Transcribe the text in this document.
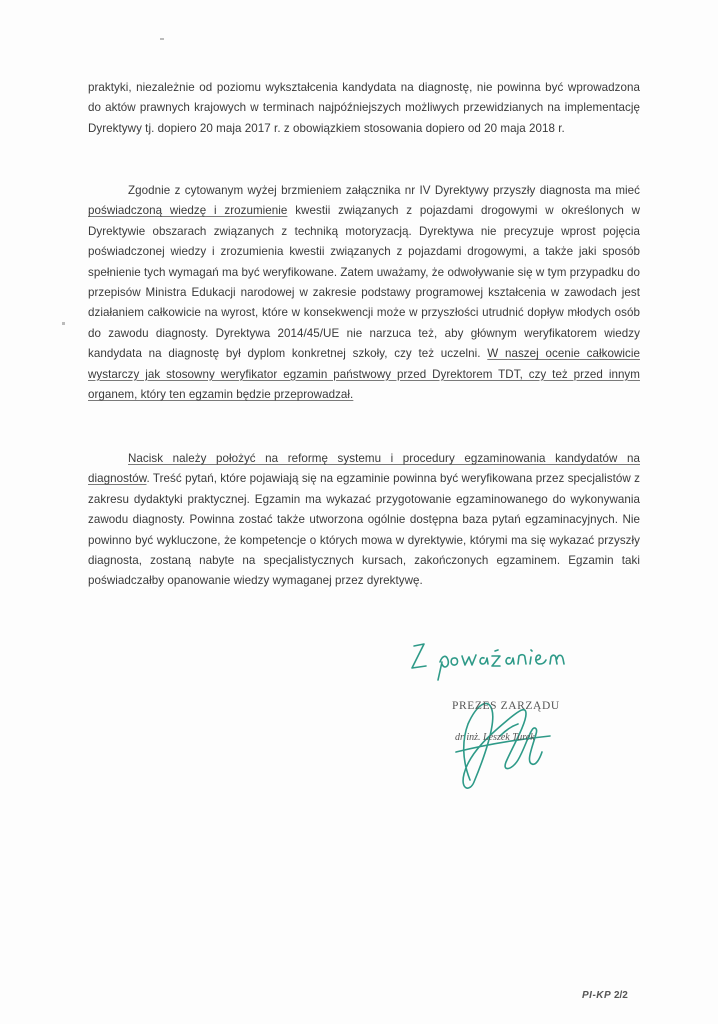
praktyki, niezależnie od poziomu wykształcenia kandydata na diagnostę, nie powinna być wprowadzona do aktów prawnych krajowych w terminach najpóźniejszych możliwych przewidzianych na implementację Dyrektywy tj. dopiero 20 maja 2017 r. z obowiązkiem stosowania dopiero od 20 maja 2018 r.

Zgodnie z cytowanym wyżej brzmieniem załącznika nr IV Dyrektywy przyszły diagnosta ma mieć poświadczoną wiedzę i zrozumienie kwestii związanych z pojazdami drogowymi w określonych w Dyrektywie obszarach związanych z techniką motoryzacją. Dyrektywa nie precyzuje wprost pojęcia poświadczonej wiedzy i zrozumienia kwestii związanych z pojazdami drogowymi, a także jaki sposób spełnienie tych wymagań ma być weryfikowane. Zatem uważamy, że odwoływanie się w tym przypadku do przepisów Ministra Edukacji narodowej w zakresie podstawy programowej kształcenia w zawodach jest działaniem całkowicie na wyrost, które w konsekwencji może w przyszłości utrudnić dopływ młodych osób do zawodu diagnosty. Dyrektywa 2014/45/UE nie narzuca też, aby głównym weryfikatorem wiedzy kandydata na diagnostę był dyplom konkretnej szkoły, czy też uczelni. W naszej ocenie całkowicie wystarczy jak stosowny weryfikator egzamin państwowy przed Dyrektorem TDT, czy też przed innym organem, który ten egzamin będzie przeprowadzał.

Nacisk należy położyć na reformę systemu i procedury egzaminowania kandydatów na diagnostów. Treść pytań, które pojawiają się na egzaminie powinna być weryfikowana przez specjalistów z zakresu dydaktyki praktycznej. Egzamin ma wykazać przygotowanie egzaminowanego do wykonywania zawodu diagnosty. Powinna zostać także utworzona ogólnie dostępna baza pytań egzaminacyjnych. Nie powinno być wykluczone, że kompetencje o których mowa w dyrektywie, którymi ma się wykazać przyszły diagnosta, zostaną nabyte na specjalistycznych kursach, zakończonych egzaminem. Egzamin taki poświadczałby opanowanie wiedzy wymaganej przez dyrektywę.

PREZES ZARZĄDU
dr inż. Leszek Turek
PI-KP 2/2
